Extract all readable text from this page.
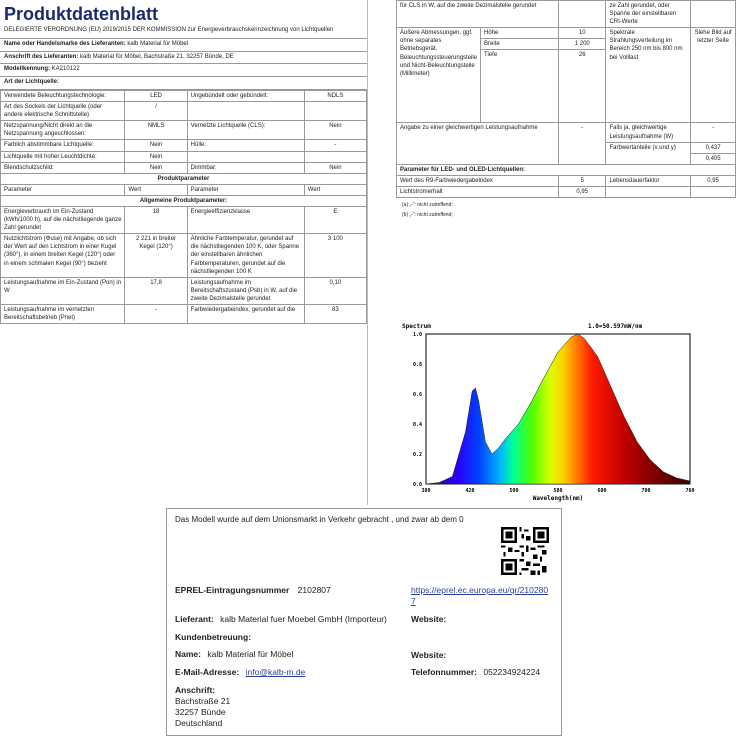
Produktdatenblatt
DELEGIERTE VERORDNUNG (EU) 2019/2015 DER KOMMISSION zur Energieverbrauchskennzeichnung von Lichtquellen
Name oder Handelsmarke des Lieferanten: kalb Material für Möbel
Anschrift des Lieferanten: kalb Material für Möbel, Bachstraße 21, 32257 Bünde, DE
Modellkennung: KA210122
Art der Lichtquelle:
Verwendete Beleuchtungstechnologie:	LED	Ungebündelt oder gebündelt:	NDLS
Art des Sockels der Lichtquelle (oder andere elektrische Schnittstelle)	/		
Netzspannung/Nicht direkt an die Netzspannung angeschlossen:	NMLS	Vernetzte Lichtquelle (CLS):	Nein
Farblich abstimmbare Lichtquelle:	Nein	Hülle:	-
Lichtquelle mit hoher Leuchtdichte:	Nein		
Blendschutzschild:	Nein	Dimmbar:	Nein
Produktparameter			
Parameter	Wert	Parameter	Wert
Allgemeine Produktparameter:			
Energieverbrauch im Ein-Zustand (kWh/1000 h), auf die nächstliegende ganze Zahl gerundet	18	Energieeffizienzklasse	E
Nutzlichtstrom (Φuse) mit Angabe, ob sich der Wert auf den Lichtstrom in einer Kugel (360°), in einem breiten Kegel (120°) oder in einem schmalen Kegel (90°) bezieht	2 221 in breiter Kegel (120°)	Ähnliche Farbtemperatur, gerundet auf die nächstliegenden 100 K, oder Spanne der einstellbaren ähnlichen Farbtemperaturen, gerundet auf die nächstliegenden 100 K	3 100
Leistungsaufnahme im Ein-Zustand (Pon) in W	17,8	Leistungsaufnahme im Bereitschaftszustand (Psb) in W, auf die zweite Dezimalstelle gerundet	0,10
Leistungsaufnahme im vernetzten Bereitschaftsbetrieb (Pnet)	-	Farbwiedergabeindex, gerundet auf die	83
für CLS in W, auf die zweite Dezimalstelle gerundet			ze Zahl gerundet, oder Spanne der einstellbaren CRI-Werte	
Äußere Abmessungen, ggf. ohne separates Betriebsgerät, Beleuchtungssteuerungsteile und Nicht-Beleuchtungsteile (Millimeter)	Höhe	10	Spektrale Strahlungsverteilung im Bereich 250 nm bis 800 nm bei Volllast	Siehe Bild auf letzter Seite
	Breite	1 200		
	Tiefe	26		
Angabe zu einer gleichwertigen Leistungsaufnahme		-	Falls ja, gleichwertige Leistungsaufnahme (W)	-
			Farbwertanteile (x und y)	0,437
				0,405
Parameter für LED- und OLED-Lichtquellen:				
Wert des R9-Farbwiedergabeindex		5	Lebensdauerfaktor	0,95
Lichtstromerhalt		0,95		
(a) „-“: nicht zutreffend;
(b) „-“: nicht zutreffend;
Spectrum	1.0=50.597mW/nm
1.0
0.8
0.6
0.4
0.2
0.0
380	420	500	580	600	700	760
Wavelength(nm)
Das Modell wurde auf dem Unionsmarkt in Verkehr gebracht , und zwar ab dem 0
EPREL-Eintragungsnummer 2102807	https://eprel.ec.europa.eu/qr/2102807
Lieferant: kalb Material fuer Moebel GmbH (Importeur)	Website:
Kundenbetreuung:
Name: kalb Material für Möbel	Website:
E-Mail-Adresse: info@kalb-m.de	Telefonnummer: 052234924224
Anschrift:
Bachstraße 21
32257 Bünde
Deutschland
